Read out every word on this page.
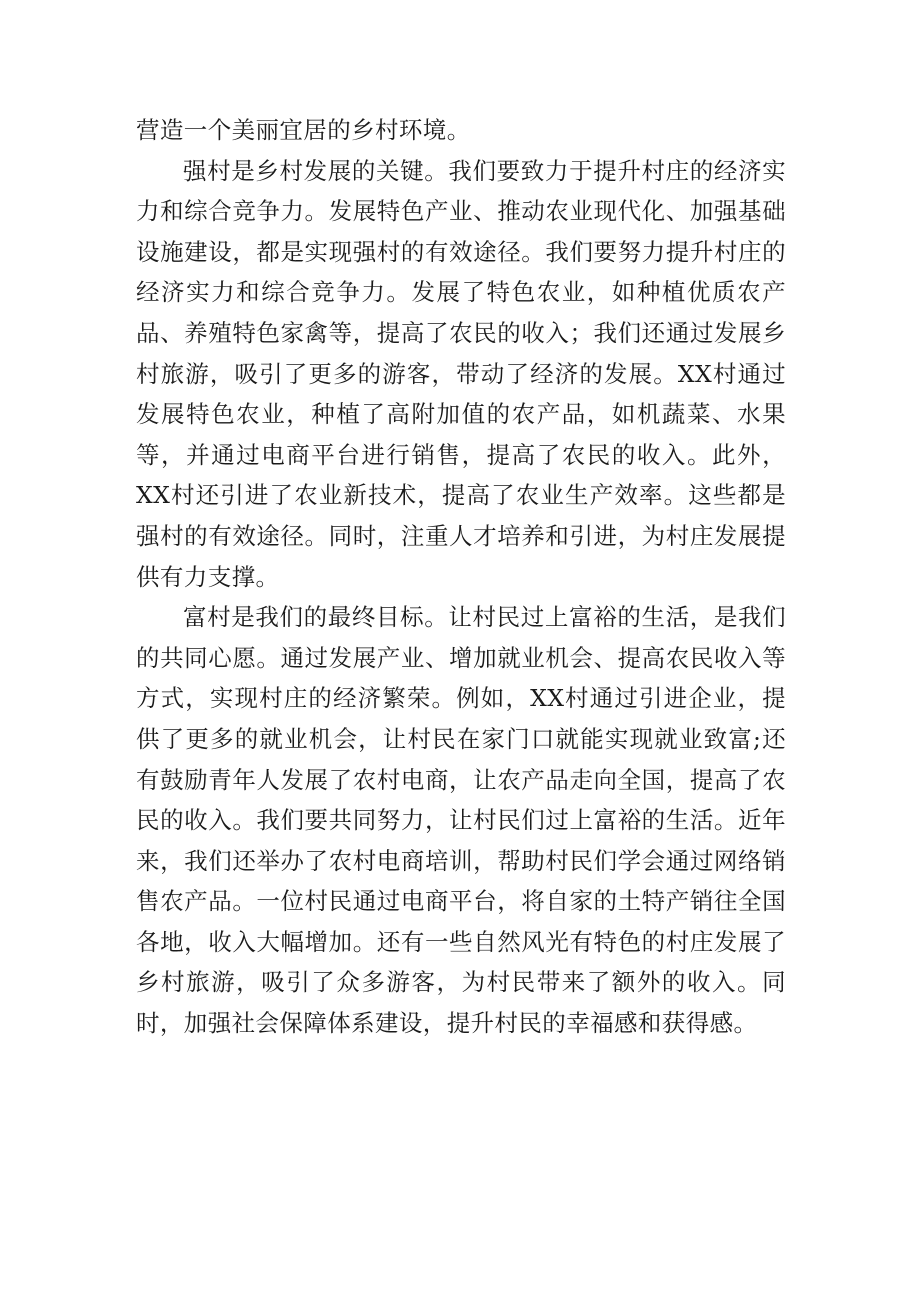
营造一个美丽宜居的乡村环境。

强村是乡村发展的关键。我们要致力于提升村庄的经济实力和综合竞争力。发展特色产业、推动农业现代化、加强基础设施建设，都是实现强村的有效途径。我们要努力提升村庄的经济实力和综合竞争力。发展了特色农业，如种植优质农产品、养殖特色家禽等，提高了农民的收入；我们还通过发展乡村旅游，吸引了更多的游客，带动了经济的发展。XX村通过发展特色农业，种植了高附加值的农产品，如机蔬菜、水果等，并通过电商平台进行销售，提高了农民的收入。此外，XX村还引进了农业新技术，提高了农业生产效率。这些都是强村的有效途径。同时，注重人才培养和引进，为村庄发展提供有力支撑。

富村是我们的最终目标。让村民过上富裕的生活，是我们的共同心愿。通过发展产业、增加就业机会、提高农民收入等方式，实现村庄的经济繁荣。例如，XX村通过引进企业，提供了更多的就业机会，让村民在家门口就能实现就业致富;还有鼓励青年人发展了农村电商，让农产品走向全国，提高了农民的收入。我们要共同努力，让村民们过上富裕的生活。近年来，我们还举办了农村电商培训，帮助村民们学会通过网络销售农产品。一位村民通过电商平台，将自家的土特产销往全国各地，收入大幅增加。还有一些自然风光有特色的村庄发展了乡村旅游，吸引了众多游客，为村民带来了额外的收入。同时，加强社会保障体系建设，提升村民的幸福感和获得感。
